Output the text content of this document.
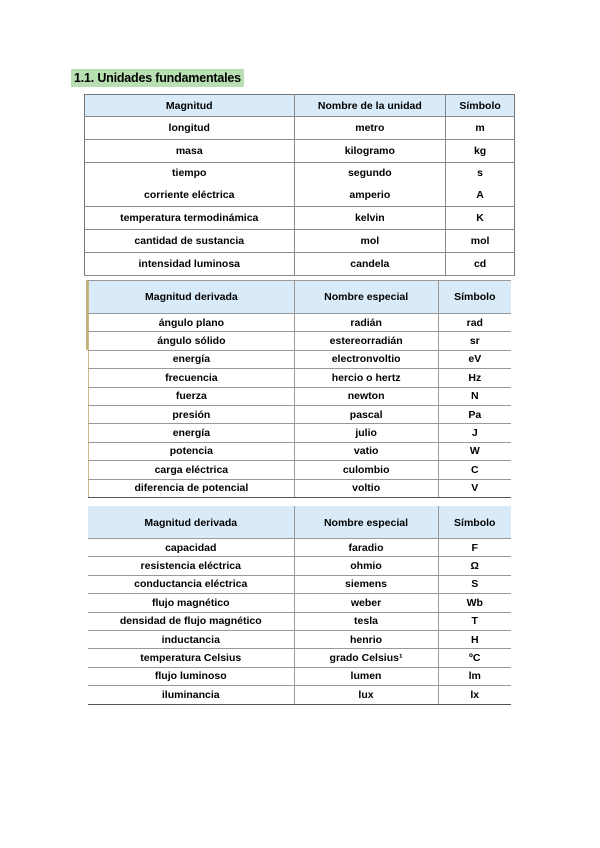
1.1. Unidades fundamentales
Magnitud	Nombre de la unidad	Símbolo
longitud	metro	m
masa	kilogramo	kg
tiempo	segundo	s
corriente eléctrica	amperio	A
temperatura termodinámica	kelvin	K
cantidad de sustancia	mol	mol
intensidad luminosa	candela	cd
Magnitud derivada	Nombre especial	Símbolo
ángulo plano	radián	rad
ángulo sólido	estereorradián	sr
energía	electronvoltio	eV
frecuencia	hercio o hertz	Hz
fuerza	newton	N
presión	pascal	Pa
energía	julio	J
potencia	vatio	W
carga eléctrica	culombio	C
diferencia de potencial	voltio	V
Magnitud derivada	Nombre especial	Símbolo
capacidad	faradio	F
resistencia eléctrica	ohmio	Ω
conductancia eléctrica	siemens	S
flujo magnético	weber	Wb
densidad de flujo magnético	tesla	T
inductancia	henrio	H
temperatura Celsius	grado Celsius¹	ºC
flujo luminoso	lumen	lm
iluminancia	lux	lx
